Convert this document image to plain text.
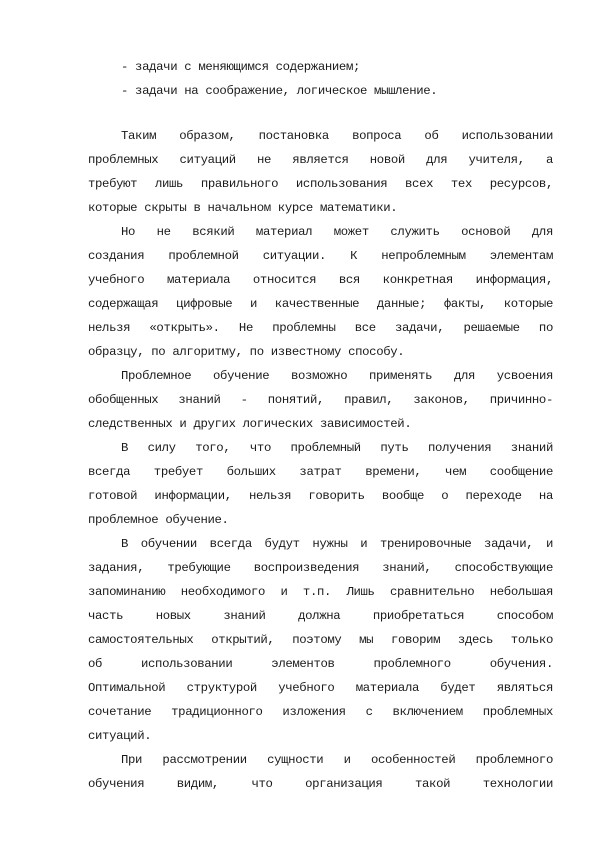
- задачи с меняющимся содержанием;
- задачи на соображение, логическое мышление.
Таким образом, постановка вопроса об использовании
проблемных ситуаций не является новой для учителя, а
требуют лишь правильного использования всех тех ресурсов,
которые скрыты в начальном курсе математики.
Но не всякий материал может служить основой для
создания проблемной ситуации. К непроблемным элементам
учебного материала относится вся конкретная информация,
содержащая цифровые и качественные данные; факты, которые
нельзя «открыть». Не проблемны все задачи, решаемые по
образцу, по алгоритму, по известному способу.
Проблемное обучение возможно применять для усвоения
обобщенных знаний - понятий, правил, законов, причинно-
следственных и других логических зависимостей.
В силу того, что проблемный путь получения знаний
всегда требует больших затрат времени, чем сообщение
готовой информации, нельзя говорить вообще о переходе на
проблемное обучение.
В обучении всегда будут нужны и тренировочные задачи, и
задания, требующие воспроизведения знаний, способствующие
запоминанию необходимого и т.п. Лишь сравнительно небольшая
часть новых знаний должна приобретаться способом
самостоятельных открытий, поэтому мы говорим здесь только
об использовании элементов проблемного обучения.
Оптимальной структурой учебного материала будет являться
сочетание традиционного изложения с включением проблемных
ситуаций.
При рассмотрении сущности и особенностей проблемного
обучения видим, что организация такой технологии
